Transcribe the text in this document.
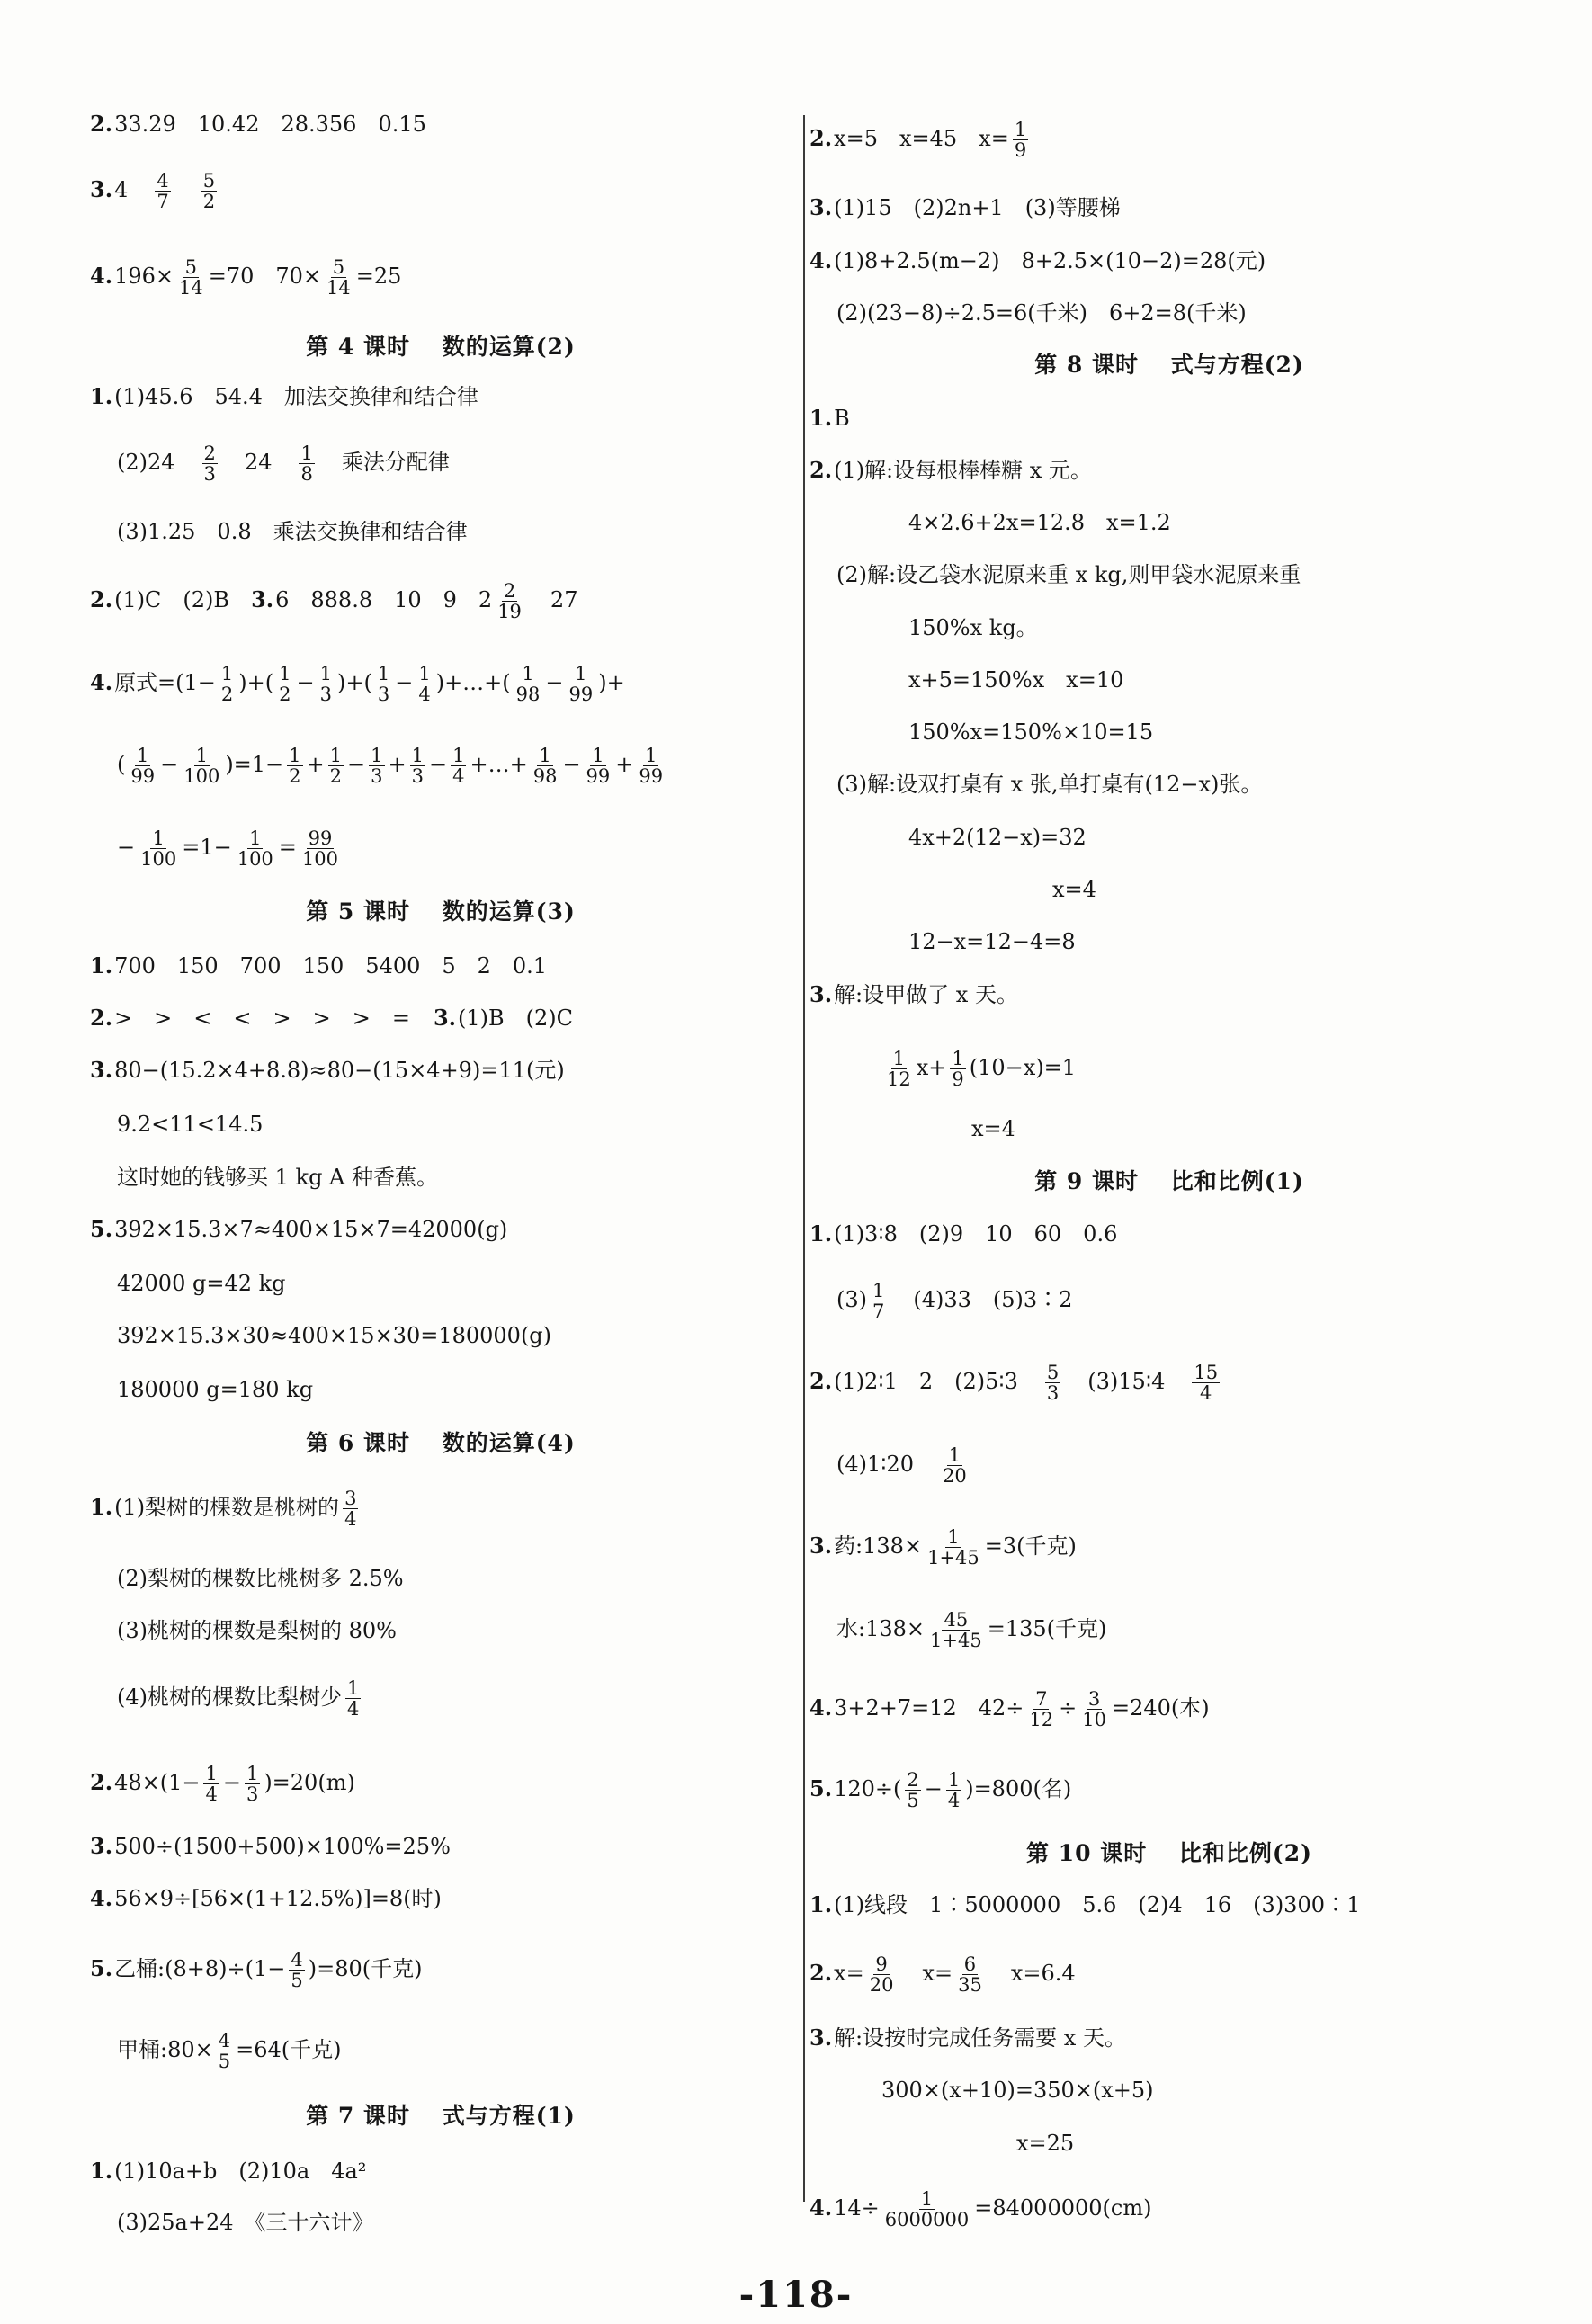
2.33.29　10.42　28.356　0.15
$3.4 \frac{4}{7} \frac{5}{2}$
$4.196\times \frac{5}{14} =70$　$70\times \frac{5}{14} =25$
第 4 课时　 数的运算(2)
1.(1)45.6　54.4　加法交换律和结合律
$(2)24 \frac{2}{3} 24 \frac{1}{8}$ 乘法分配律
(3)1.25　0.8　乘法交换律和结合律
2.(1)C　(2)B　3.6　888.8　10　9　$2 \frac{2}{19} 27$
4.原式$=(1- \frac{1}{2}$ )+( $\frac{1}{2} - \frac{1}{3}$ )+( $\frac{1}{3} - \frac{1}{4}$ )+…+( $\frac{1}{98} - \frac{1}{99}$ )+
( $\frac{1}{99} - \frac{1}{100} )=1- \frac{1}{2} + \frac{1}{2} - \frac{1}{3} + \frac{1}{3} - \frac{1}{4}$ +…+ $\frac{1}{98} - \frac{1}{99} + \frac{1}{99}$
− $\frac{1}{100} =1- \frac{1}{100} = \frac{99}{100}$
第 5 课时　 数的运算(3)
1.700　150　700　150　5400　5　2　0.1
2.>　>　<　<　>　>　>　= 3.(1)B　(2)C
3.80−(15.2×4+8.8)≈80−(15×4+9)=11(元)
9.2<11<14.5
这时她的钱够买 1 kg A 种香蕉。
5.392×15.3×7≈400×15×7=42000(g)
42000 g=42 kg
392×15.3×30≈400×15×30=180000(g)
180000 g=180 kg
第 6 课时　 数的运算(4)
1.(1)梨树的棵数是桃树的 $\frac{3}{4}$
(2)梨树的棵数比桃树多 2.5%
(3)桃树的棵数是梨树的 80%
(4)桃树的棵数比梨树少 $\frac{1}{4}$
$2.48\times(1- \frac{1}{4} - \frac{1}{3} )=20(m)$
3.500÷(1500+500)×100%=25%
4.56×9÷[56×(1+12.5%)]=8(时)
5.乙桶:(8+8)÷(1− $\frac{4}{5} )=80$(千克)
甲桶:80× $\frac{4}{5} =64$(千克)
第 7 课时　 式与方程(1)
1.(1)10a+b　(2)10a　4a²
(3)25a+24　《三十六计》
2.x=5　x=45　$x= \frac{1}{9}$
3.(1)15　(2)2n+1　(3)等腰梯
4.(1)8+2.5(m−2)　8+2.5×(10−2)=28(元)
(2)(23−8)÷2.5=6(千米)　6+2=8(千米)
第 8 课时　 式与方程(2)
1.B
2.(1)解:设每根棒棒糖 x 元。
4×2.6+2x=12.8　x=1.2
(2)解:设乙袋水泥原来重 x kg,则甲袋水泥原来重
150%x kg。
x+5=150%x　x=10
150%x=150%×10=15
(3)解:设双打桌有 x 张,单打桌有(12−x)张。
4x+2(12−x)=32
x=4
12−x=12−4=8
3.解:设甲做了 x 天。
$\frac{1}{12} x+ \frac{1}{9} (10-x)=1$
x=4
第 9 课时　 比和比例(1)
1.(1)3∶8　(2)9　10　60　0.6
$(3) \frac{1}{7} (4)33$　(5)3∶2
2.(1)2∶1　2　(2)5∶3 $\frac{5}{3}$ (3)15∶4 $\frac{15}{4}$
(4)1∶20 $\frac{1}{20}$
3.药:138× $\frac{1}{1+45} =3$(千克)
水:138× $\frac{45}{1+45} =135$(千克)
4.3+2+7=12　$42\div \frac{7}{12} \div \frac{3}{10} =240$(本)
$5.120\div( \frac{2}{5} - \frac{1}{4} )=800$(名)
第 10 课时　 比和比例(2)
1.(1)线段　1∶5000000　5.6　(2)4　16　(3)300∶1
$2.x= \frac{9}{20} x= \frac{6}{35} x=6.4$
3.解:设按时完成任务需要 x 天。
300×(x+10)=350×(x+5)
x=25
$4.14\div \frac{1}{6000000} =84000000(cm)$
-118-
